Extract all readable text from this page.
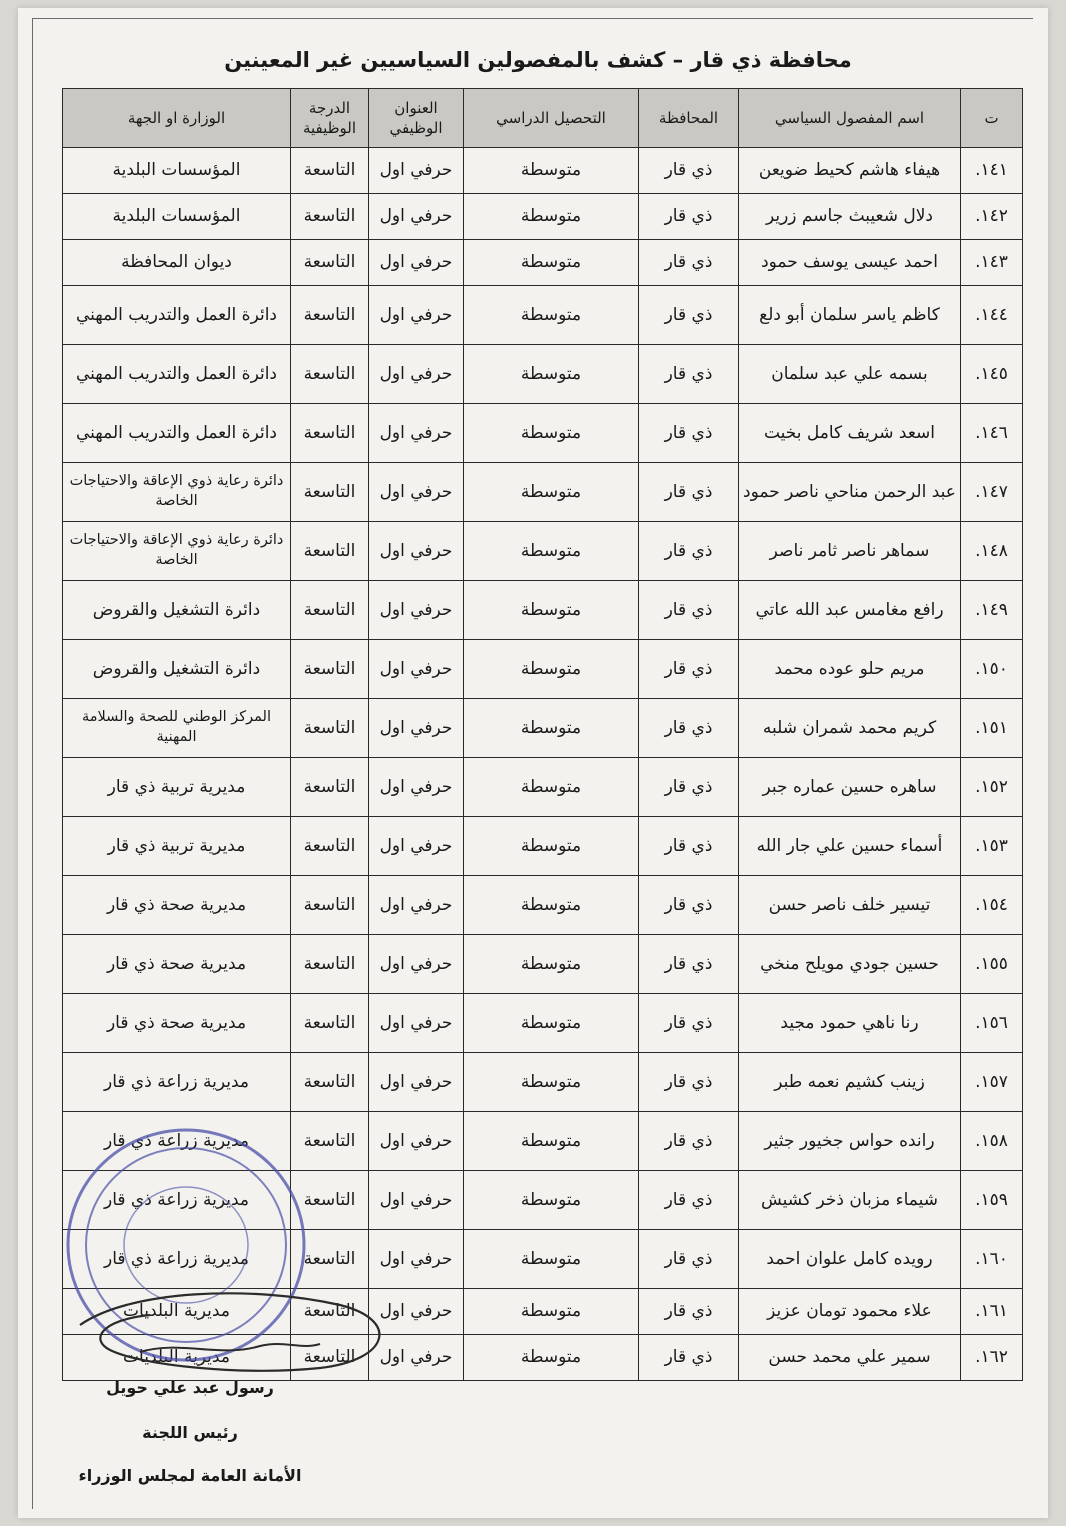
محافظة ذي قار – كشف بالمفصولين السياسيين غير المعينين
ت	اسم المفصول السياسي	المحافظة	التحصيل الدراسي	العنوان الوظيفي	الدرجة الوظيفية	الوزارة او الجهة
١٤١.	هيفاء هاشم كحيط ضويعن	ذي قار	متوسطة	حرفي اول	التاسعة	المؤسسات البلدية
١٤٢.	دلال شعيبث جاسم زرير	ذي قار	متوسطة	حرفي اول	التاسعة	المؤسسات البلدية
١٤٣.	احمد عيسى يوسف حمود	ذي قار	متوسطة	حرفي اول	التاسعة	ديوان المحافظة
١٤٤.	كاظم ياسر سلمان أبو دلع	ذي قار	متوسطة	حرفي اول	التاسعة	دائرة العمل والتدريب المهني
١٤٥.	بسمه علي عبد سلمان	ذي قار	متوسطة	حرفي اول	التاسعة	دائرة العمل والتدريب المهني
١٤٦.	اسعد شريف كامل بخيت	ذي قار	متوسطة	حرفي اول	التاسعة	دائرة العمل والتدريب المهني
١٤٧.	عبد الرحمن مناحي ناصر حمود	ذي قار	متوسطة	حرفي اول	التاسعة	دائرة رعاية ذوي الإعاقة والاحتياجات الخاصة
١٤٨.	سماهر ناصر ثامر ناصر	ذي قار	متوسطة	حرفي اول	التاسعة	دائرة رعاية ذوي الإعاقة والاحتياجات الخاصة
١٤٩.	رافع مغامس عبد الله عاتي	ذي قار	متوسطة	حرفي اول	التاسعة	دائرة التشغيل والقروض
١٥٠.	مريم حلو عوده محمد	ذي قار	متوسطة	حرفي اول	التاسعة	دائرة التشغيل والقروض
١٥١.	كريم محمد شمران شلبه	ذي قار	متوسطة	حرفي اول	التاسعة	المركز الوطني للصحة والسلامة المهنية
١٥٢.	ساهره حسين عماره جبر	ذي قار	متوسطة	حرفي اول	التاسعة	مديرية تربية ذي قار
١٥٣.	أسماء حسين علي جار الله	ذي قار	متوسطة	حرفي اول	التاسعة	مديرية تربية ذي قار
١٥٤.	تيسير خلف ناصر حسن	ذي قار	متوسطة	حرفي اول	التاسعة	مديرية صحة ذي قار
١٥٥.	حسين جودي مويلح منخي	ذي قار	متوسطة	حرفي اول	التاسعة	مديرية صحة ذي قار
١٥٦.	رنا ناهي حمود مجيد	ذي قار	متوسطة	حرفي اول	التاسعة	مديرية صحة ذي قار
١٥٧.	زينب كشيم نعمه طبر	ذي قار	متوسطة	حرفي اول	التاسعة	مديرية زراعة ذي قار
١٥٨.	رانده حواس جخيور جثير	ذي قار	متوسطة	حرفي اول	التاسعة	مديرية زراعة ذي قار
١٥٩.	شيماء مزبان ذخر كشيش	ذي قار	متوسطة	حرفي اول	التاسعة	مديرية زراعة ذي قار
١٦٠.	رويده كامل علوان احمد	ذي قار	متوسطة	حرفي اول	التاسعة	مديرية زراعة ذي قار
١٦١.	علاء محمود تومان عزيز	ذي قار	متوسطة	حرفي اول	التاسعة	مديرية البلديات
١٦٢.	سمير علي محمد حسن	ذي قار	متوسطة	حرفي اول	التاسعة	مديرية البلديات
رسول عبد علي حويل
رئيس اللجنة
الأمانة العامة لمجلس الوزراء
